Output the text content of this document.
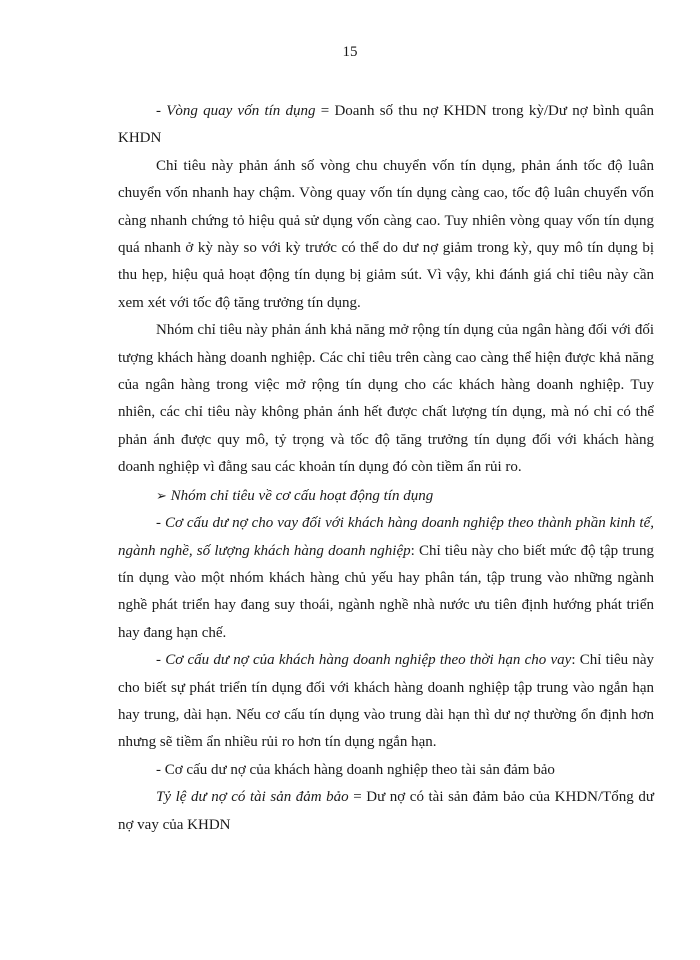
15

- Vòng quay vốn tín dụng = Doanh số thu nợ KHDN trong kỳ/Dư nợ bình quân KHDN

Chỉ tiêu này phản ánh số vòng chu chuyển vốn tín dụng, phản ánh tốc độ luân chuyển vốn nhanh hay chậm. Vòng quay vốn tín dụng càng cao, tốc độ luân chuyển vốn càng nhanh chứng tỏ hiệu quả sử dụng vốn càng cao. Tuy nhiên vòng quay vốn tín dụng quá nhanh ở kỳ này so với kỳ trước có thể do dư nợ giảm trong kỳ, quy mô tín dụng bị thu hẹp, hiệu quả hoạt động tín dụng bị giảm sút. Vì vậy, khi đánh giá chỉ tiêu này cần xem xét với tốc độ tăng trưởng tín dụng.

Nhóm chỉ tiêu này phản ánh khả năng mở rộng tín dụng của ngân hàng đối với đối tượng khách hàng doanh nghiệp. Các chỉ tiêu trên càng cao càng thể hiện được khả năng của ngân hàng trong việc mở rộng tín dụng cho các khách hàng doanh nghiệp. Tuy nhiên, các chỉ tiêu này không phản ánh hết được chất lượng tín dụng, mà nó chỉ có thể phản ánh được quy mô, tỷ trọng và tốc độ tăng trưởng tín dụng đối với khách hàng doanh nghiệp vì đằng sau các khoản tín dụng đó còn tiềm ẩn rủi ro.

➢ Nhóm chỉ tiêu về cơ cấu hoạt động tín dụng

- Cơ cấu dư nợ cho vay đối với khách hàng doanh nghiệp theo thành phần kinh tế, ngành nghề, số lượng khách hàng doanh nghiệp: Chỉ tiêu này cho biết mức độ tập trung tín dụng vào một nhóm khách hàng chủ yếu hay phân tán, tập trung vào những ngành nghề phát triển hay đang suy thoái, ngành nghề nhà nước ưu tiên định hướng phát triển hay đang hạn chế.

- Cơ cấu dư nợ của khách hàng doanh nghiệp theo thời hạn cho vay: Chỉ tiêu này cho biết sự phát triển tín dụng đối với khách hàng doanh nghiệp tập trung vào ngắn hạn hay trung, dài hạn. Nếu cơ cấu tín dụng vào trung dài hạn thì dư nợ thường ổn định hơn nhưng sẽ tiềm ẩn nhiều rủi ro hơn tín dụng ngắn hạn.

- Cơ cấu dư nợ của khách hàng doanh nghiệp theo tài sản đảm bảo

Tỷ lệ dư nợ có tài sản đảm bảo = Dư nợ có tài sản đảm bảo của KHDN/Tổng dư nợ vay của KHDN
